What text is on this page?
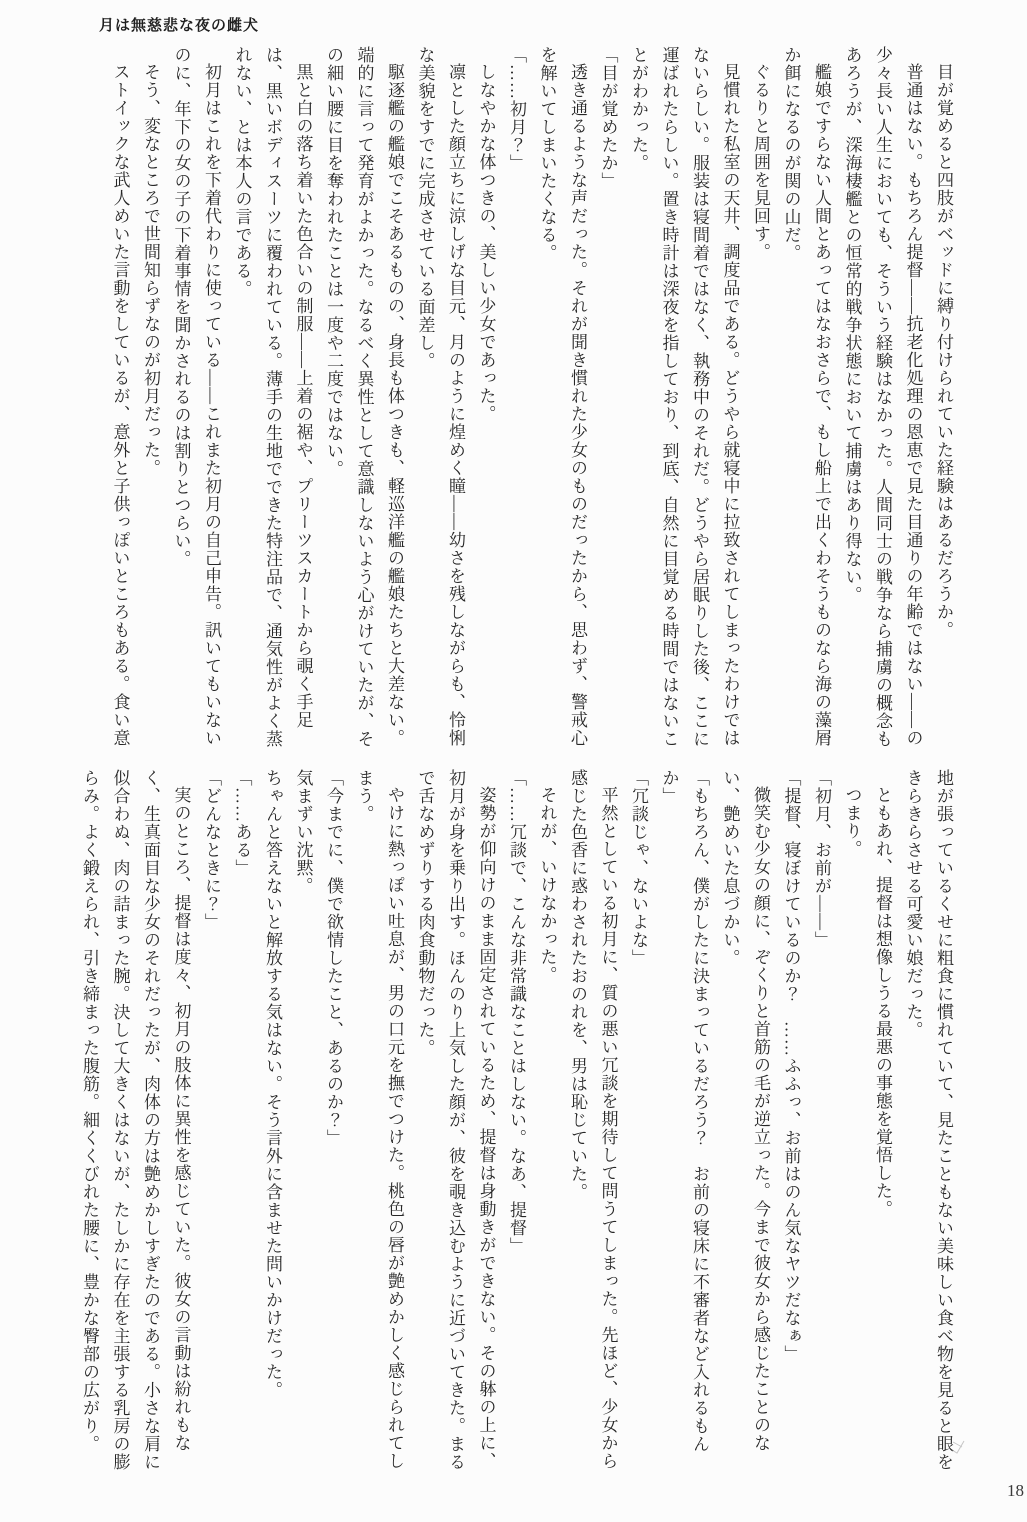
月は無慈悲な夜の雌犬

目が覚めると四肢がベッドに縛り付けられていた経験はあるだろうか。

普通はない。もちろん提督――抗老化処理の恩恵で見た目通りの年齢ではない――の少々長い人生においても、そういう経験はなかった。人間同士の戦争なら捕虜の概念もあろうが、深海棲艦との恒常的戦争状態において捕虜はあり得ない。

艦娘ですらない人間とあってはなおさらで、もし船上で出くわそうものなら海の藻屑か餌になるのが関の山だ。

ぐるりと周囲を見回す。

見慣れた私室の天井、調度品である。どうやら就寝中に拉致されてしまったわけではないらしい。服装は寝間着ではなく、執務中のそれだ。どうやら居眠りした後、ここに運ばれたらしい。置き時計は深夜を指しており、到底、自然に目覚める時間ではないことがわかった。

「目が覚めたか」

透き通るような声だった。それが聞き慣れた少女のものだったから、思わず、警戒心を解いてしまいたくなる。

「……初月？」

しなやかな体つきの、美しい少女であった。

凛とした顔立ちに涼しげな目元、月のように煌めく瞳――幼さを残しながらも、怜悧な美貌をすでに完成させている面差し。

駆逐艦の艦娘でこそあるものの、身長も体つきも、軽巡洋艦の艦娘たちと大差ない。端的に言って発育がよかった。なるべく異性として意識しないよう心がけていたが、その細い腰に目を奪われたことは一度や二度ではない。

黒と白の落ち着いた色合いの制服――上着の裾や、プリーツスカートから覗く手足は、黒いボディスーツに覆われている。薄手の生地でできた特注品で、通気性がよく蒸れない、とは本人の言である。

初月はこれを下着代わりに使っている――これまた初月の自己申告。訊いてもいないのに、年下の女の子の下着事情を聞かされるのは割りとつらい。

そう、変なところで世間知らずなのが初月だった。

ストイックな武人めいた言動をしているが、意外と子供っぽいところもある。食い意

地が張っているくせに粗食に慣れていて、見たこともない美味しい食べ物を見ると眼をきらきらさせる可愛い娘だった。

ともあれ、提督は想像しうる最悪の事態を覚悟した。

つまり。

「初月、お前が――」

「提督、寝ぼけているのか？　……ふふっ、お前はのん気なヤツだなぁ」

微笑む少女の顔に、ぞくりと首筋の毛が逆立った。今まで彼女から感じたことのない、艶めいた息づかい。

「もちろん、僕がしたに決まっているだろう？　お前の寝床に不審者など入れるもんか」

「冗談じゃ、ないよな」

平然としている初月に、質の悪い冗談を期待して問うてしまった。先ほど、少女から感じた色香に惑わされたおのれを、男は恥じていた。

それが、いけなかった。

「……冗談で、こんな非常識なことはしない。なあ、提督」

姿勢が仰向けのまま固定されているため、提督は身動きができない。その躰の上に、初月が身を乗り出す。ほんのり上気した顔が、彼を覗き込むように近づいてきた。まるで舌なめずりする肉食動物だった。

やけに熱っぽい吐息が、男の口元を撫でつけた。桃色の唇が艶めかしく感じられてしまう。

「今までに、僕で欲情したこと、あるのか？」

気まずい沈黙。

ちゃんと答えないと解放する気はない。そう言外に含ませた問いかけだった。

「……ある」

「どんなときに？」

実のところ、提督は度々、初月の肢体に異性を感じていた。彼女の言動は紛れもなく、生真面目な少女のそれだったが、肉体の方は艶めかしすぎたのである。小さな肩に似合わぬ、肉の詰まった腕。決して大きくはないが、たしかに存在を主張する乳房の膨らみ。よく鍛えられ、引き締まった腹筋。細くくびれた腰に、豊かな臀部の広がり。

18
